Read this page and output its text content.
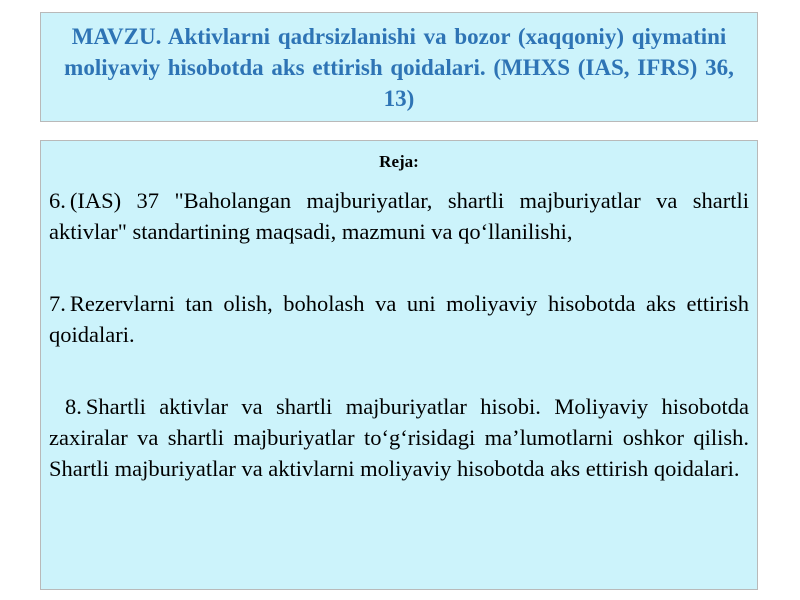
MAVZU. Aktivlarni qadrsizlanishi va bozor (xaqqoniy) qiymatini moliyaviy hisobotda aks ettirish qoidalari. (MHXS (IAS, IFRS) 36, 13)
Reja:

6. (IAS) 37 "Baholangan majburiyatlar, shartli majburiyatlar va shartli aktivlar" standartining maqsadi, mazmuni va qo‘llanilishi,

7. Rezervlarni tan olish, boholash va uni moliyaviy hisobotda aks ettirish qoidalari.

8. Shartli aktivlar va shartli majburiyatlar hisobi. Moliyaviy hisobotda zaxiralar va shartli majburiyatlar to‘g‘risidagi ma’lumotlarni oshkor qilish. Shartli majburiyatlar va aktivlarni moliyaviy hisobotda aks ettirish qoidalari.
